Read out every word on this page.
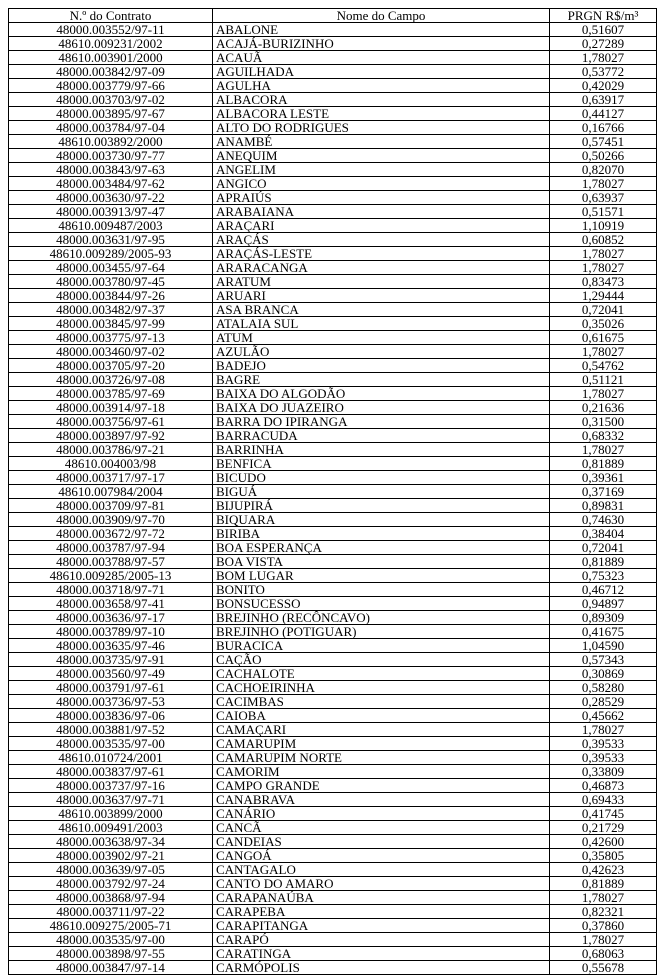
N.º do Contrato	Nome do Campo	PRGN R$/m³
48000.003552/97-11	ABALONE	0,51607
48610.009231/2002	ACAJÁ-BURIZINHO	0,27289
48610.003901/2000	ACAUÃ	1,78027
48000.003842/97-09	AGUILHADA	0,53772
48000.003779/97-66	AGULHA	0,42029
48000.003703/97-02	ALBACORA	0,63917
48000.003895/97-67	ALBACORA LESTE	0,44127
48000.003784/97-04	ALTO DO RODRIGUES	0,16766
48610.003892/2000	ANAMBÉ	0,57451
48000.003730/97-77	ANEQUIM	0,50266
48000.003843/97-63	ANGELIM	0,82070
48000.003484/97-62	ANGICO	1,78027
48000.003630/97-22	APRAIÚS	0,63937
48000.003913/97-47	ARABAIANA	0,51571
48610.009487/2003	ARAÇARI	1,10919
48000.003631/97-95	ARAÇÁS	0,60852
48610.009289/2005-93	ARAÇÁS-LESTE	1,78027
48000.003455/97-64	ARARACANGA	1,78027
48000.003780/97-45	ARATUM	0,83473
48000.003844/97-26	ARUARI	1,29444
48000.003482/97-37	ASA BRANCA	0,72041
48000.003845/97-99	ATALAIA SUL	0,35026
48000.003775/97-13	ATUM	0,61675
48000.003460/97-02	AZULÃO	1,78027
48000.003705/97-20	BADEJO	0,54762
48000.003726/97-08	BAGRE	0,51121
48000.003785/97-69	BAIXA DO ALGODÃO	1,78027
48000.003914/97-18	BAIXA DO JUAZEIRO	0,21636
48000.003756/97-61	BARRA DO IPIRANGA	0,31500
48000.003897/97-92	BARRACUDA	0,68332
48000.003786/97-21	BARRINHA	1,78027
48610.004003/98	BENFICA	0,81889
48000.003717/97-17	BICUDO	0,39361
48610.007984/2004	BIGUÁ	0,37169
48000.003709/97-81	BIJUPIRÁ	0,89831
48000.003909/97-70	BIQUARA	0,74630
48000.003672/97-72	BIRIBA	0,38404
48000.003787/97-94	BOA ESPERANÇA	0,72041
48000.003788/97-57	BOA VISTA	0,81889
48610.009285/2005-13	BOM LUGAR	0,75323
48000.003718/97-71	BONITO	0,46712
48000.003658/97-41	BONSUCESSO	0,94897
48000.003636/97-17	BREJINHO (RECÔNCAVO)	0,89309
48000.003789/97-10	BREJINHO (POTIGUAR)	0,41675
48000.003635/97-46	BURACICA	1,04590
48000.003735/97-91	CAÇÃO	0,57343
48000.003560/97-49	CACHALOTE	0,30869
48000.003791/97-61	CACHOEIRINHA	0,58280
48000.003736/97-53	CACIMBAS	0,28529
48000.003836/97-06	CAIOBA	0,45662
48000.003881/97-52	CAMAÇARI	1,78027
48000.003535/97-00	CAMARUPIM	0,39533
48610.010724/2001	CAMARUPIM NORTE	0,39533
48000.003837/97-61	CAMORIM	0,33809
48000.003737/97-16	CAMPO GRANDE	0,46873
48000.003637/97-71	CANABRAVA	0,69433
48610.003899/2000	CANÁRIO	0,41745
48610.009491/2003	CANCÃ	0,21729
48000.003638/97-34	CANDEIAS	0,42600
48000.003902/97-21	CANGOÁ	0,35805
48000.003639/97-05	CANTAGALO	0,42623
48000.003792/97-24	CANTO DO AMARO	0,81889
48000.003868/97-94	CARAPANAÚBA	1,78027
48000.003711/97-22	CARAPEBA	0,82321
48610.009275/2005-71	CARAPITANGA	0,37860
48000.003535/97-00	CARAPÓ	1,78027
48000.003898/97-55	CARATINGA	0,68063
48000.003847/97-14	CARMÓPOLIS	0,55678
